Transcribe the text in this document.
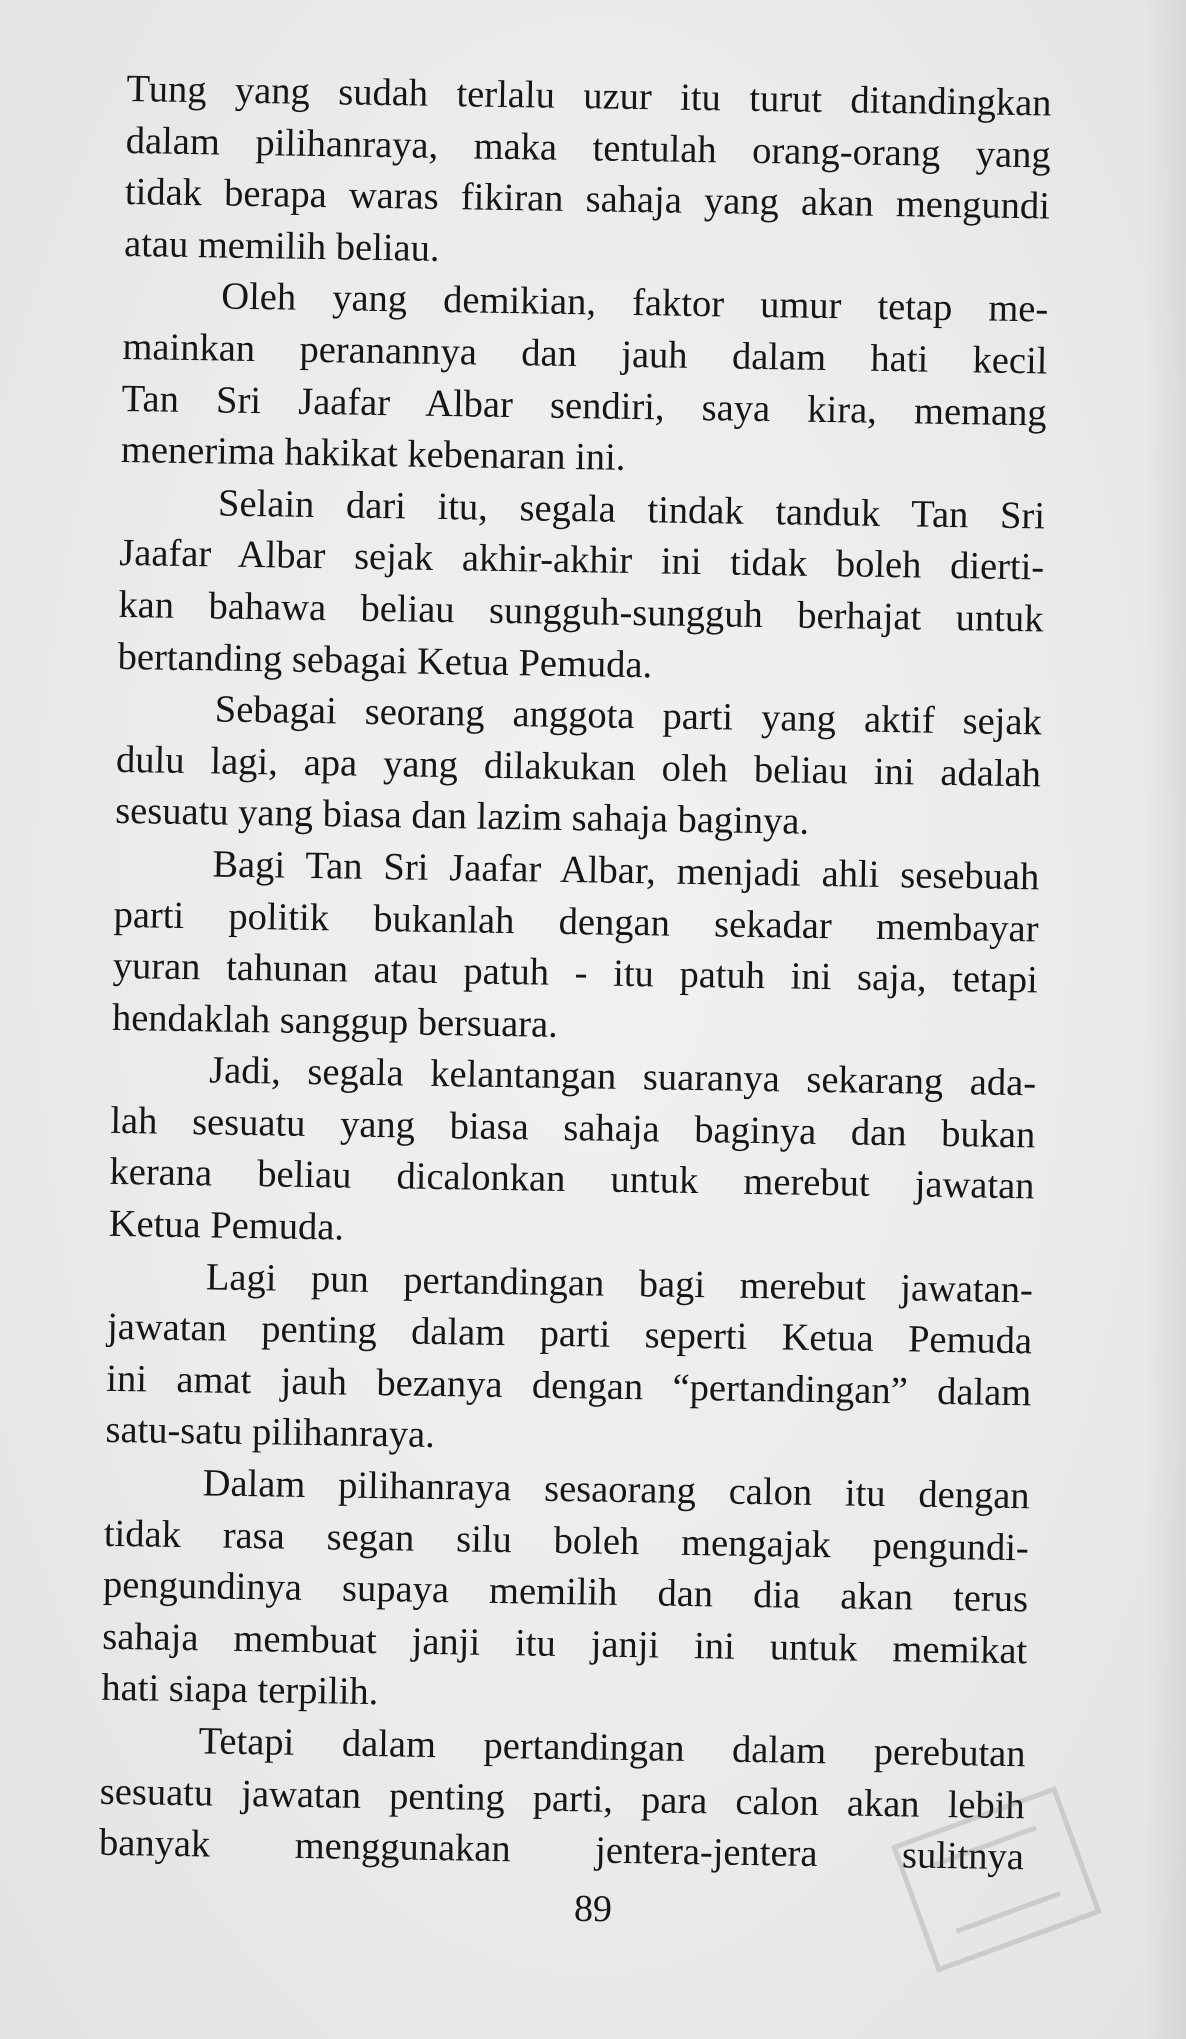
Tung yang sudah terlalu uzur itu turut ditandingkan
dalam pilihanraya, maka tentulah orang-orang yang
tidak berapa waras fikiran sahaja yang akan mengundi
atau memilih beliau.

Oleh yang demikian, faktor umur tetap me-
mainkan peranannya dan jauh dalam hati kecil
Tan Sri Jaafar Albar sendiri, saya kira, memang
menerima hakikat kebenaran ini.

Selain dari itu, segala tindak tanduk Tan Sri
Jaafar Albar sejak akhir-akhir ini tidak boleh dierti-
kan bahawa beliau sungguh-sungguh berhajat untuk
bertanding sebagai Ketua Pemuda.

Sebagai seorang anggota parti yang aktif sejak
dulu lagi, apa yang dilakukan oleh beliau ini adalah
sesuatu yang biasa dan lazim sahaja baginya.

Bagi Tan Sri Jaafar Albar, menjadi ahli sesebuah
parti politik bukanlah dengan sekadar membayar
yuran tahunan atau patuh - itu patuh ini saja, tetapi
hendaklah sanggup bersuara.

Jadi, segala kelantangan suaranya sekarang ada-
lah sesuatu yang biasa sahaja baginya dan bukan
kerana beliau dicalonkan untuk merebut jawatan
Ketua Pemuda.

Lagi pun pertandingan bagi merebut jawatan-
jawatan penting dalam parti seperti Ketua Pemuda
ini amat jauh bezanya dengan “pertandingan” dalam
satu-satu pilihanraya.

Dalam pilihanraya sesaorang calon itu dengan
tidak rasa segan silu boleh mengajak pengundi-
pengundinya supaya memilih dan dia akan terus
sahaja membuat janji itu janji ini untuk memikat
hati siapa terpilih.

Tetapi dalam pertandingan dalam perebutan
sesuatu jawatan penting parti, para calon akan lebih
banyak menggunakan jentera-jentera sulitnya

89
